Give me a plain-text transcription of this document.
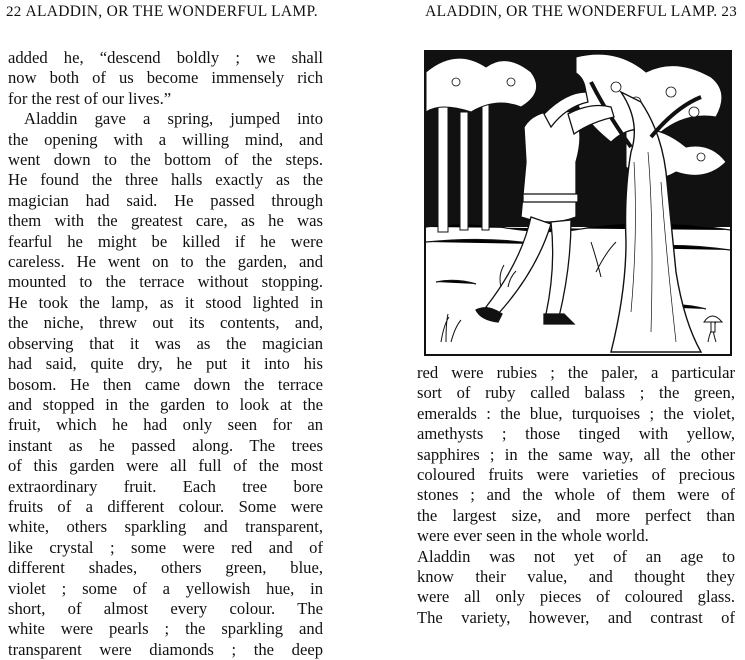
22 ALADDIN, OR THE WONDERFUL LAMP.
added he, “descend boldly ; we shall
now both of us become immensely rich
for the rest of our lives.”
Aladdin gave a spring, jumped into
the opening with a willing mind, and
went down to the bottom of the steps.
He found the three halls exactly as the
magician had said. He passed through
them with the greatest care, as he was
fearful he might be killed if he were
careless. He went on to the garden, and
mounted to the terrace without stopping.
He took the lamp, as it stood lighted in
the niche, threw out its contents, and,
observing that it was as the magician
had said, quite dry, he put it into his
bosom. He then came down the terrace
and stopped in the garden to look at the
fruit, which he had only seen for an
instant as he passed along. The trees
of this garden were all full of the most
extraordinary fruit. Each tree bore
fruits of a different colour. Some were
white, others sparkling and transparent,
like crystal ; some were red and of
different shades, others green, blue,
violet ; some of a yellowish hue, in
short, of almost every colour. The
white were pearls ; the sparkling and
transparent were diamonds ; the deep
ALADDIN, OR THE WONDERFUL LAMP. 23
red were rubies ; the paler, a particular
sort of ruby called balass ; the green,
emeralds : the blue, turquoises ; the violet,
amethysts ; those tinged with yellow,
sapphires ; in the same way, all the other
coloured fruits were varieties of precious
stones ; and the whole of them were of
the largest size, and more perfect than
were ever seen in the whole world.
Aladdin was not yet of an age to
know their value, and thought they
were all only pieces of coloured glass.
The variety, however, and contrast of
